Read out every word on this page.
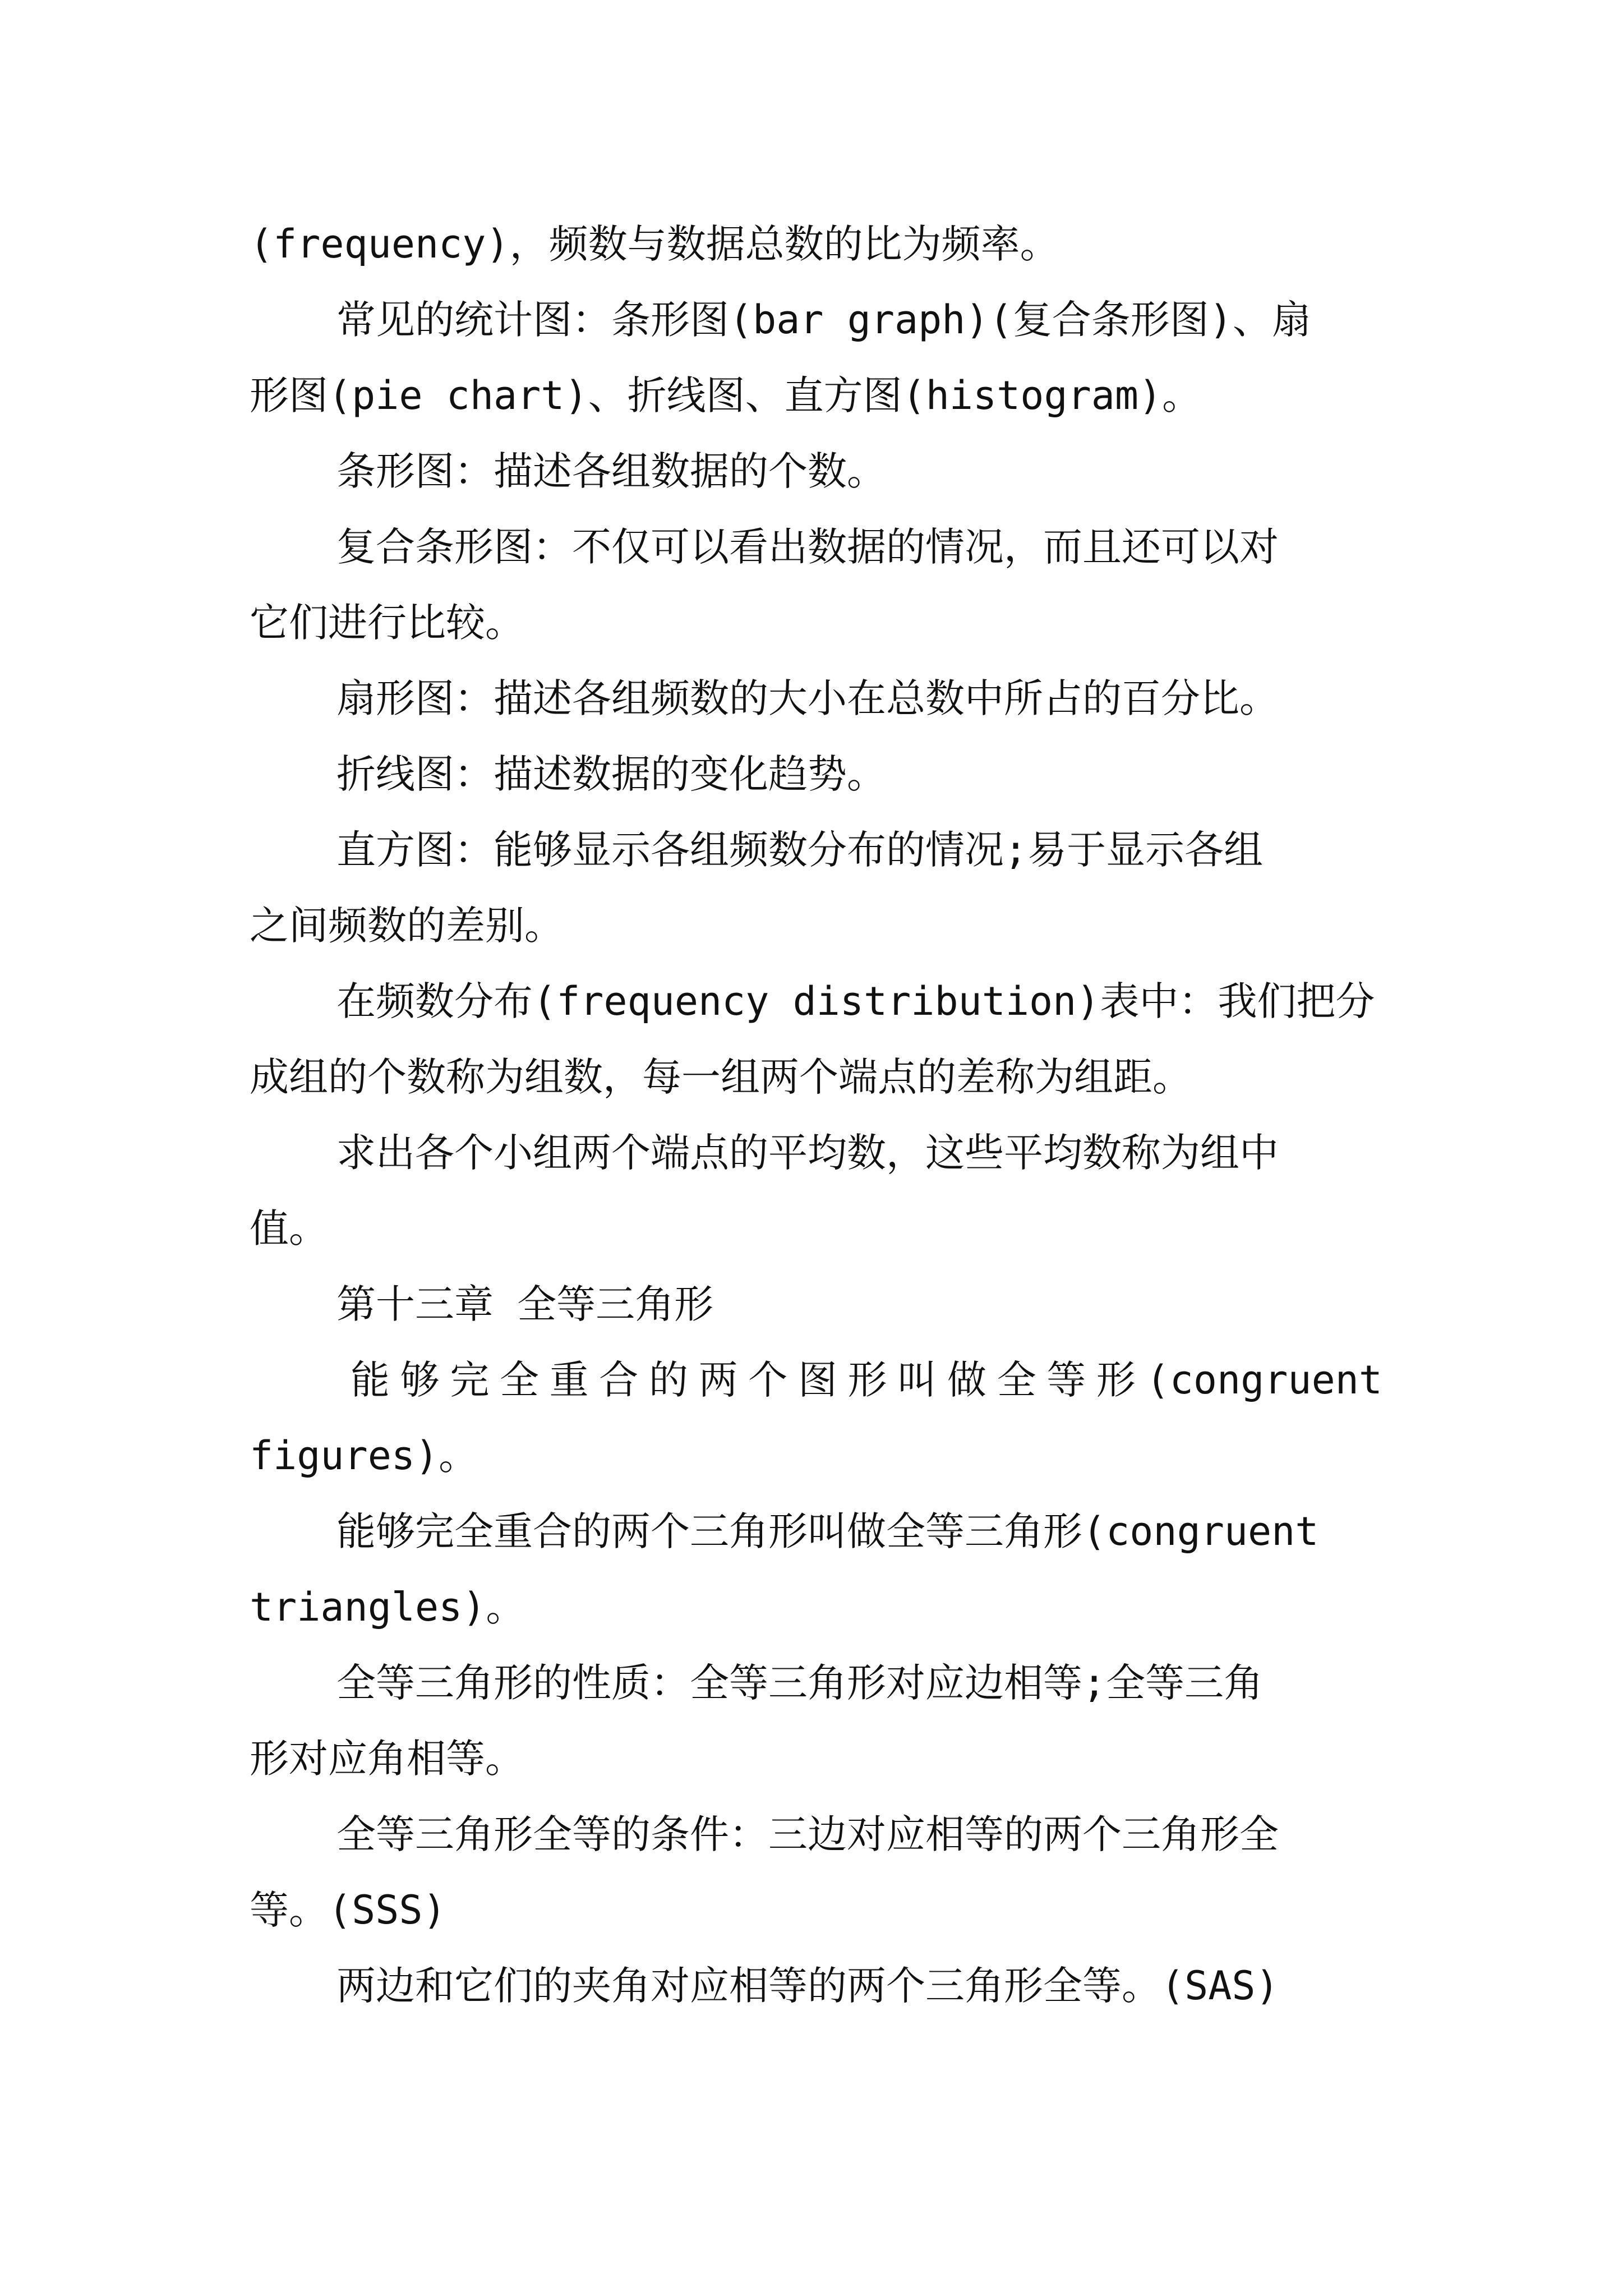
(frequency)，频数与数据总数的比为频率。
常见的统计图：条形图(bar graph)(复合条形图)、扇
形图(pie chart)、折线图、直方图(histogram)。
条形图：描述各组数据的个数。
复合条形图：不仅可以看出数据的情况，而且还可以对
它们进行比较。
扇形图：描述各组频数的大小在总数中所占的百分比。
折线图：描述数据的变化趋势。
直方图：能够显示各组频数分布的情况;易于显示各组
之间频数的差别。
在频数分布(frequency distribution)表中：我们把分
成组的个数称为组数，每一组两个端点的差称为组距。
求出各个小组两个端点的平均数，这些平均数称为组中
值。
第十三章 全等三角形
能够完全重合的两个图形叫做全等形(congruent
figures)。
能够完全重合的两个三角形叫做全等三角形(congruent
triangles)。
全等三角形的性质：全等三角形对应边相等;全等三角
形对应角相等。
全等三角形全等的条件：三边对应相等的两个三角形全
等。(SSS)
两边和它们的夹角对应相等的两个三角形全等。(SAS)
